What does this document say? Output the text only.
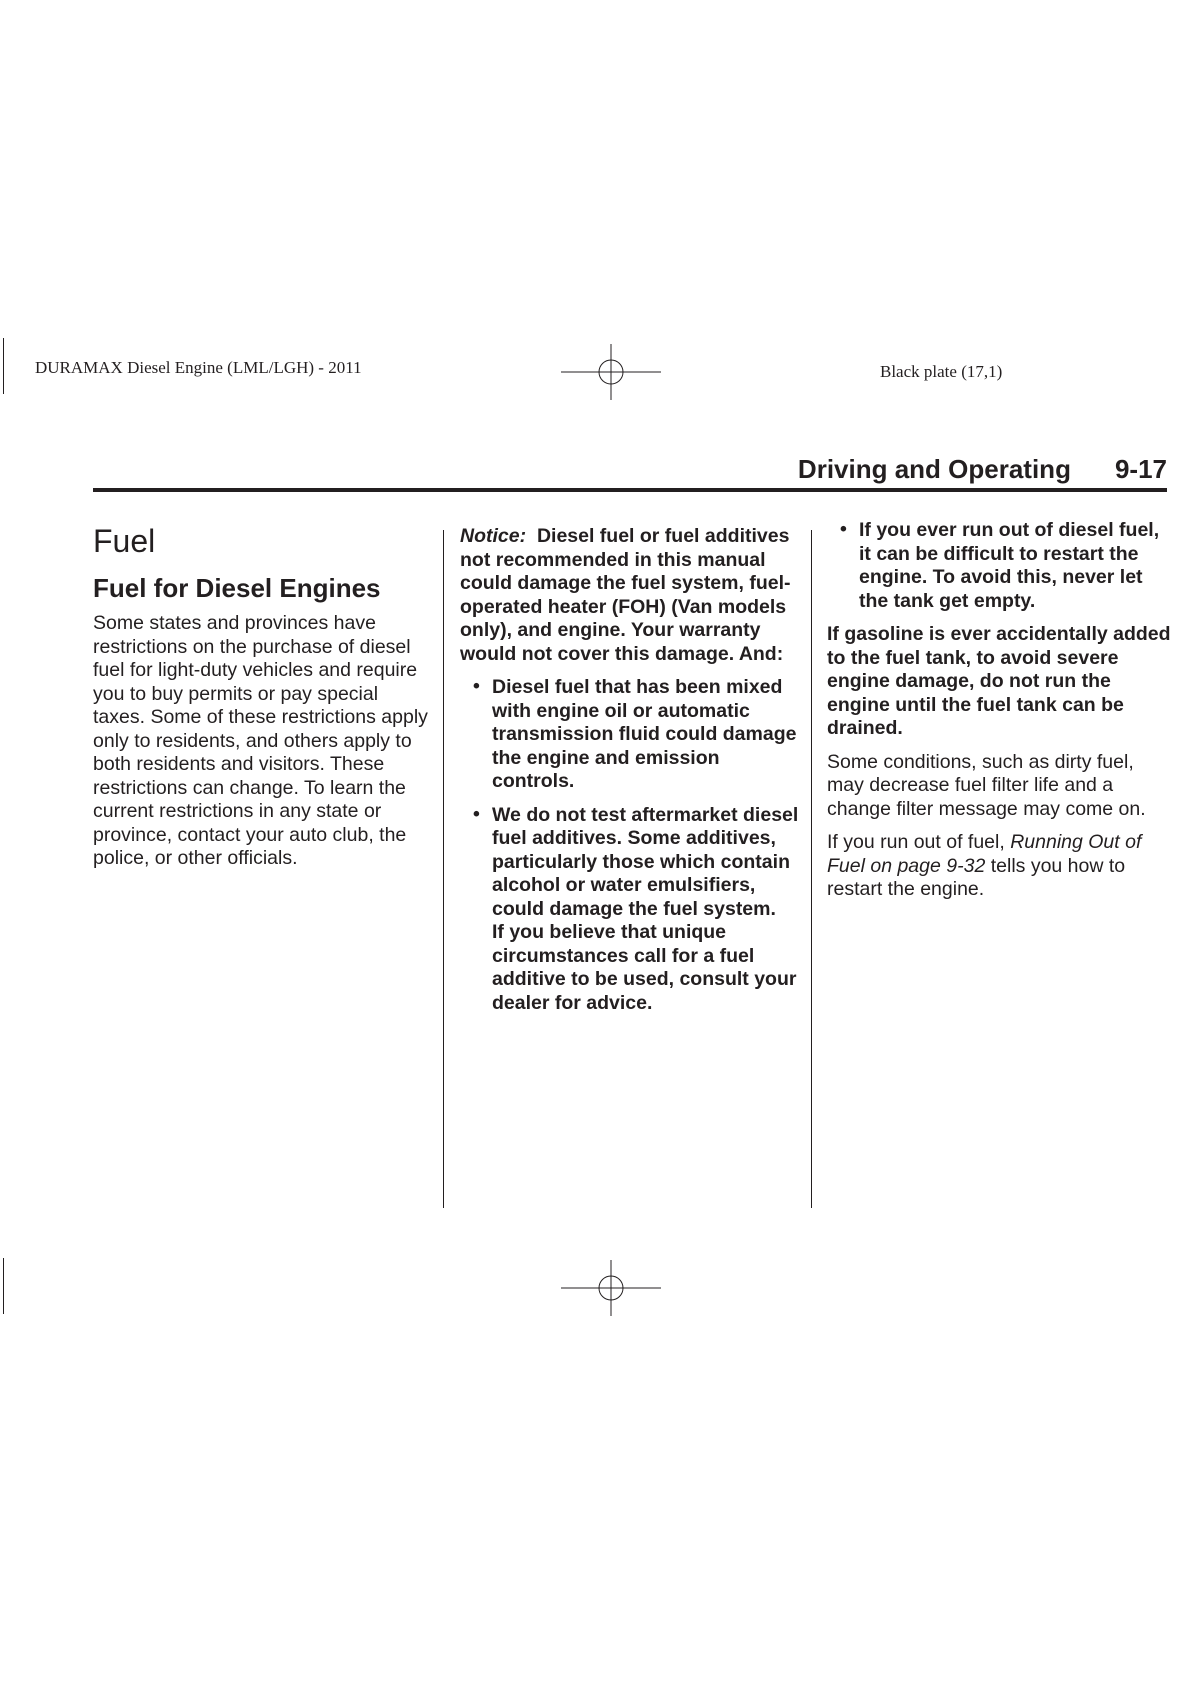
DURAMAX Diesel Engine (LML/LGH) - 2011	Black plate (17,1)
Driving and Operating 9-17
Fuel
Fuel for Diesel Engines

Some states and provinces have restrictions on the purchase of diesel fuel for light-duty vehicles and require you to buy permits or pay special taxes. Some of these restrictions apply only to residents, and others apply to both residents and visitors. These restrictions can change. To learn the current restrictions in any state or province, contact your auto club, the police, or other officials.

Notice: Diesel fuel or fuel additives not recommended in this manual could damage the fuel system, fuel-operated heater (FOH) (Van models only), and engine. Your warranty would not cover this damage. And:

• Diesel fuel that has been mixed with engine oil or automatic transmission fluid could damage the engine and emission controls.
• We do not test aftermarket diesel fuel additives. Some additives, particularly those which contain alcohol or water emulsifiers, could damage the fuel system.
If you believe that unique circumstances call for a fuel additive to be used, consult your dealer for advice.
• If you ever run out of diesel fuel, it can be difficult to restart the engine. To avoid this, never let the tank get empty.

If gasoline is ever accidentally added to the fuel tank, to avoid severe engine damage, do not run the engine until the fuel tank can be drained.

Some conditions, such as dirty fuel, may decrease fuel filter life and a change filter message may come on.

If you run out of fuel, Running Out of Fuel on page 9-32 tells you how to restart the engine.
